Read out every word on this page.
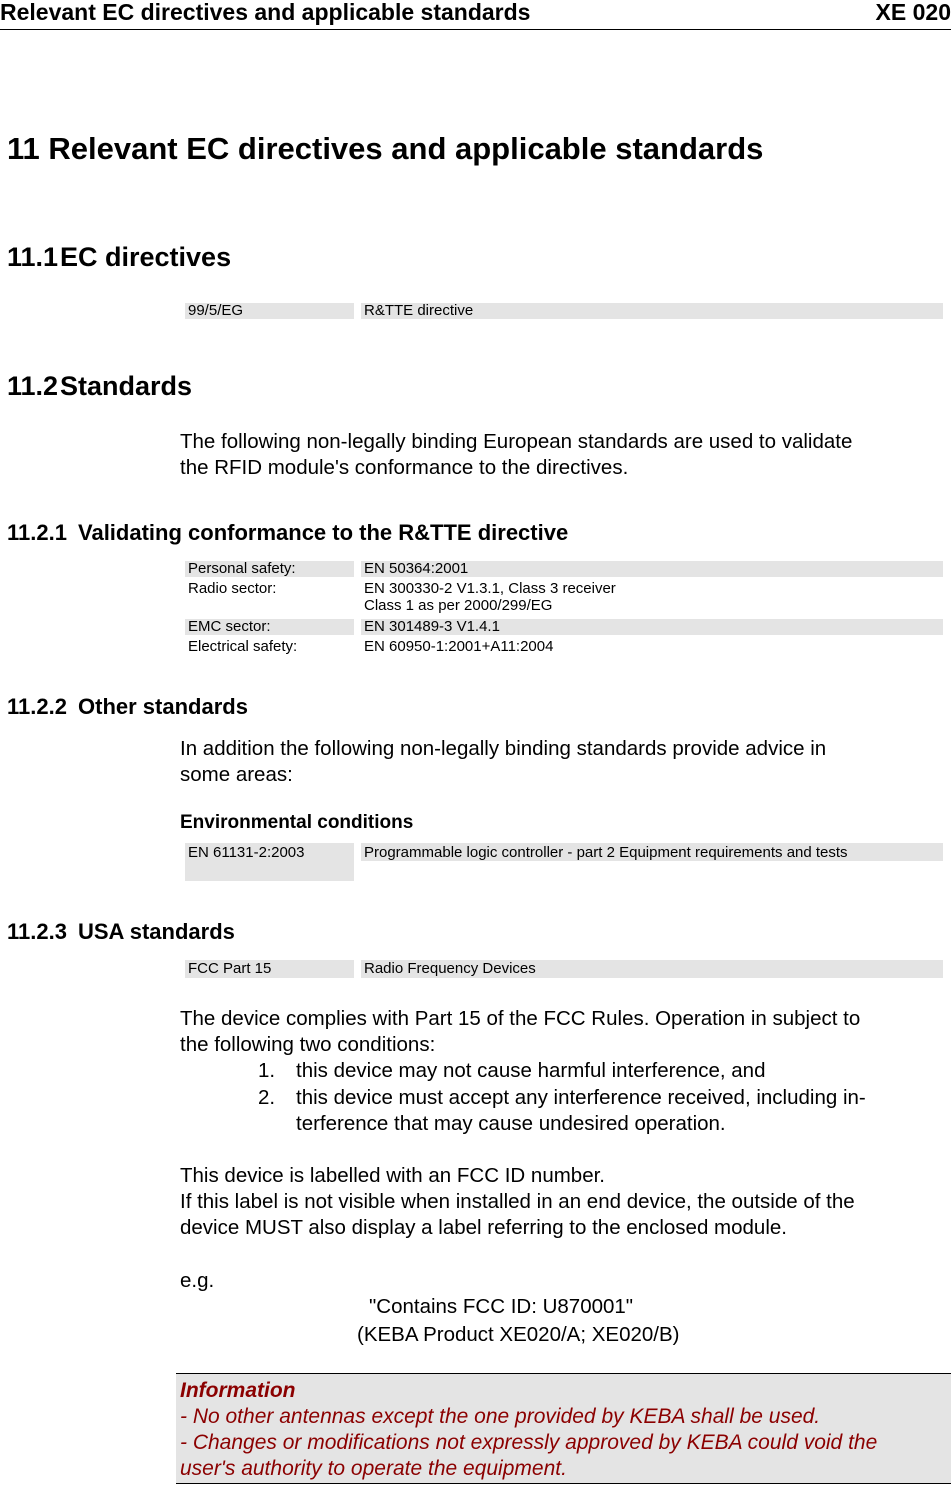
Relevant EC directives and applicable standards	XE 020
11 Relevant EC directives and applicable standards
11.1 EC directives
99/5/EG	R&TTE directive
11.2 Standards
The following non-legally binding European standards are used to validate
the RFID module's conformance to the directives.
11.2.1 Validating conformance to the R&TTE directive
Personal safety:	EN 50364:2001
Radio sector:	EN 300330-2 V1.3.1, Class 3 receiver
Class 1 as per 2000/299/EG
EMC sector:	EN 301489-3 V1.4.1
Electrical safety:	EN 60950-1:2001+A11:2004
11.2.2 Other standards
In addition the following non-legally binding standards provide advice in
some areas:
Environmental conditions
EN 61131-2:2003	Programmable logic controller - part 2 Equipment requirements and tests
11.2.3 USA standards
FCC Part 15	Radio Frequency Devices
The device complies with Part 15 of the FCC Rules. Operation in subject to
the following two conditions:
1. this device may not cause harmful interference, and
2. this device must accept any interference received, including in-
terference that may cause undesired operation.
This device is labelled with an FCC ID number.
If this label is not visible when installed in an end device, the outside of the
device MUST also display a label referring to the enclosed module.
e.g.
"Contains FCC ID: U870001"
(KEBA Product XE020/A; XE020/B)
Information
- No other antennas except the one provided by KEBA shall be used.
- Changes or modifications not expressly approved by KEBA could void the
user's authority to operate the equipment.
